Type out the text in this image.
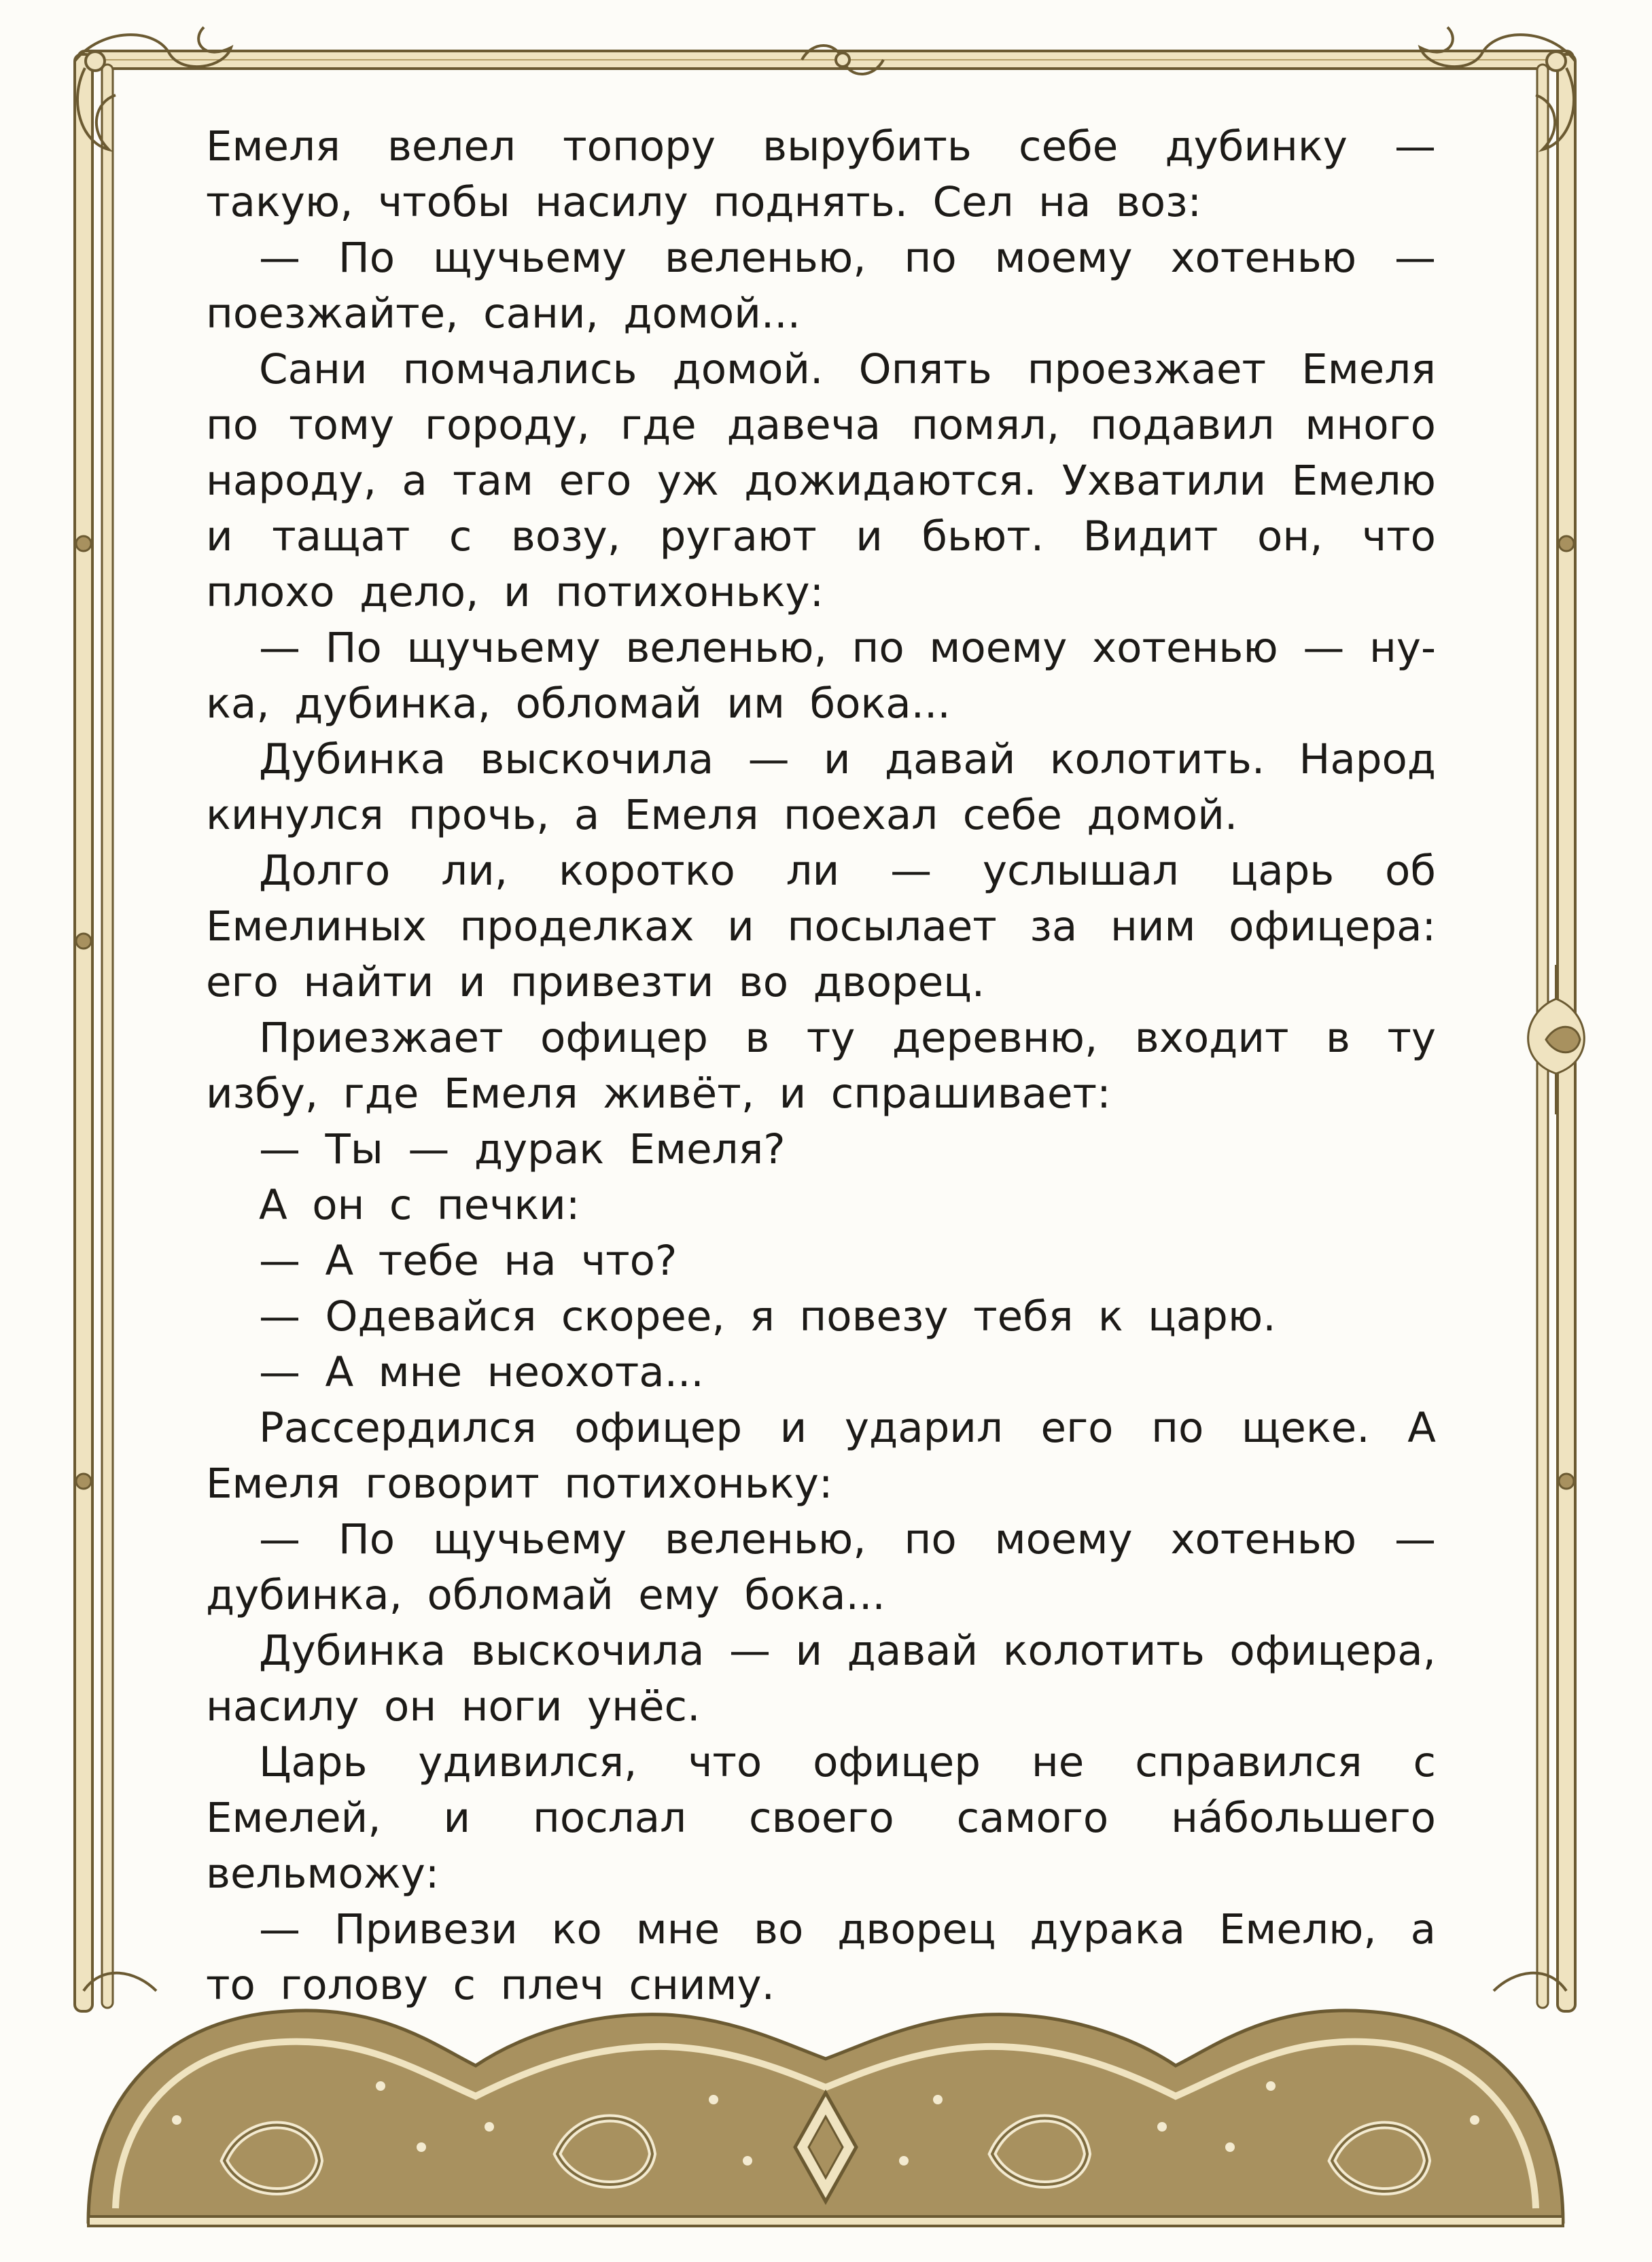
Емеля велел топору вырубить себе дубинку — такую, чтобы насилу поднять. Сел на воз:

— По щучьему веленью, по моему хотенью — поезжайте, сани, домой...

Сани помчались домой. Опять проезжает Емеля по тому городу, где давеча помял, подавил много народу, а там его уж дожидаются. Ухватили Емелю и тащат с возу, ругают и бьют. Видит он, что плохо дело, и потихоньку:

— По щучьему веленью, по моему хотенью — ну-ка, дубинка, обломай им бока...

Дубинка выскочила — и давай колотить. Народ кинулся прочь, а Емеля поехал себе домой.

Долго ли, коротко ли — услышал царь об Емелиных проделках и посылает за ним офицера: его найти и привезти во дворец.

Приезжает офицер в ту деревню, входит в ту избу, где Емеля живёт, и спрашивает:

— Ты — дурак Емеля?

А он с печки:

— А тебе на что?

— Одевайся скорее, я повезу тебя к царю.

— А мне неохота...

Рассердился офицер и ударил его по щеке. А Емеля говорит потихоньку:

— По щучьему веленью, по моему хотенью — дубинка, обломай ему бока...

Дубинка выскочила — и давай колотить офицера, насилу он ноги унёс.

Царь удивился, что офицер не справился с Емелей, и послал своего самого на́большего вельможу:

— Привези ко мне во дворец дурака Емелю, а то голову с плеч сниму.
